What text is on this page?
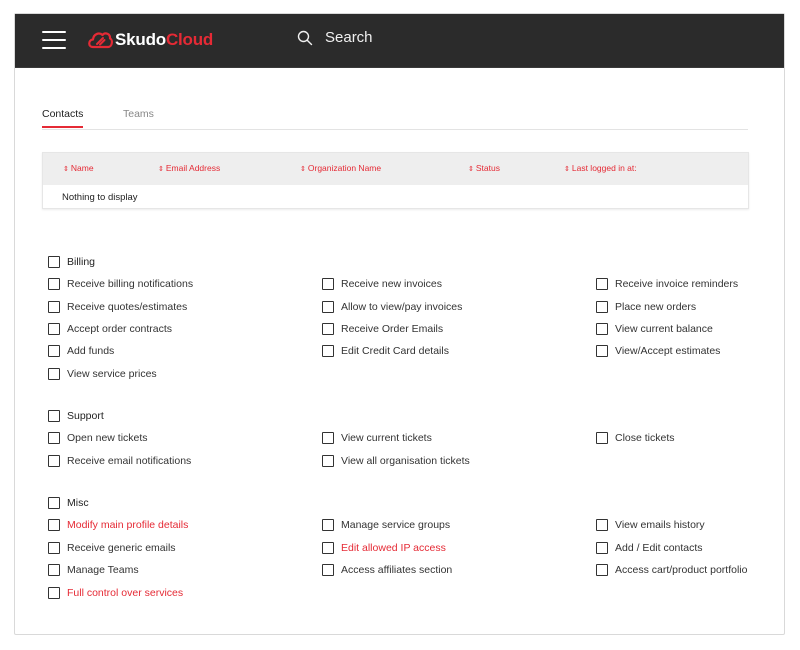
SkudoCloud	Search
Contacts	Teams
⇕ Name	⇕ Email Address	⇕ Organization Name	⇕ Status	⇕ Last logged in at:
Nothing to display
Billing
Receive billing notifications	Receive new invoices	Receive invoice reminders
Receive quotes/estimates	Allow to view/pay invoices	Place new orders
Accept order contracts	Receive Order Emails	View current balance
Add funds	Edit Credit Card details	View/Accept estimates
View service prices
Support
Open new tickets	View current tickets	Close tickets
Receive email notifications	View all organisation tickets
Misc
Modify main profile details	Manage service groups	View emails history
Receive generic emails	Edit allowed IP access	Add / Edit contacts
Manage Teams	Access affiliates section	Access cart/product portfolio
Full control over services
